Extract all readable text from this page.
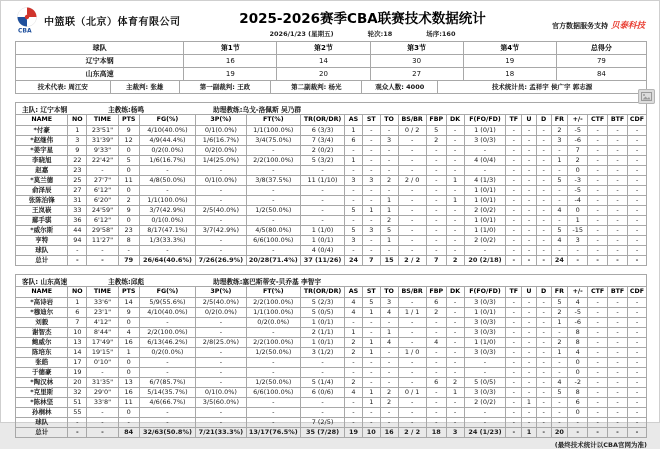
CBA
中篮联（北京）体育有限公司	2025-2026赛季CBA联赛技术数据统计
2026/1/23 (星期五)	轮次:18	场序:160
官方数据服务支持 贝泰科技
球队	第1节	第2节	第3节	第4节	总得分
辽宁本钢	16	14	30	19	79
山东高速	19	20	27	18	84
技术代表: 周江安	主裁判: 张雄	第一副裁判: 王政	第二副裁判: 杨光	观众人数: 4000	技术统计员: 孟祥宇 侯广宇 郭志源
主队: 辽宁本钢	主教练:杨鸣	助理教练:乌戈-洛佩斯 吴乃群
NAME	NO	TIME	PTS	FG(%)	3P(%)	FT(%)	TR(OR/DR)	AS	ST	TO	BS/BR	FBP	DK	F(FO/FD)	TF	U	D	FR	+/-	CTF	BTF	CDF
*付豪	1	23'51"	9	4/10(40.0%)	0/1(0.0%)	1/1(100.0%)	6 (3/3)	1	-	-	0 / 2	5	-	1 (0/1)	-	-	-	2	-5	-	-	-
*赵继伟	3	31'39"	12	4/9(44.4%)	1/6(16.7%)	3/4(75.0%)	7 (3/4)	6	-	3	-	2	-	3 (0/3)	-	-	-	3	-6	-	-	-
*姜宇星	9	9'33"	0	0/2(0.0%)	0/2(0.0%)	-	2 (0/2)	-	-	-	-	-	-	-	-	-	-	-	7	-	-	-
李晓旭	22	22'42"	5	1/6(16.7%)	1/4(25.0%)	2/2(100.0%)	5 (3/2)	1	-	-	-	-	-	4 (0/4)	-	-	-	1	2	-	-	-
赵嘉	23	-	0	-	-	-	-	-	-	-	-	-	-	-	-	-	-	-	0	-	-	-
*莫兰德	25	27'7"	11	4/8(50.0%)	0/1(0.0%)	3/8(37.5%)	11 (1/10)	3	3	2	2 / 0	-	1	4 (1/3)	-	-	-	5	-3	-	-	-
俞泽辰	27	6'12"	0	-	-	-	-	-	-	-	-	-	-	1 (0/1)	-	-	-	-	-5	-	-	-
张陈治锋	31	6'20"	2	1/1(100.0%)	-	-	-	-	-	1	-	-	1	1 (0/1)	-	-	-	-	-4	-	-	-
王岚嵚	33	24'59"	9	3/7(42.9%)	2/5(40.0%)	1/2(50.0%)	-	5	1	1	-	-	-	2 (0/2)	-	-	-	4	0	-	-	-
鄢手骐	36	6'12"	0	0/1(0.0%)	-	-	-	-	-	2	-	-	-	1 (0/1)	-	-	-	-	1	-	-	-
*威尔斯	44	29'58"	23	8/17(47.1%)	3/7(42.9%)	4/5(80.0%)	1 (1/0)	5	3	5	-	-	-	1 (1/0)	-	-	-	5	-15	-	-	-
亨特	94	11'27"	8	1/3(33.3%)	-	6/6(100.0%)	1 (0/1)	3	-	1	-	-	-	2 (0/2)	-	-	-	4	3	-	-	-
球队	-	-	-	-	-	-	4 (0/4)	-	-	-	-	-	-	-	-	-	-	-	-	-	-	-
总计	-	-	79	26/64(40.6%)	7/26(26.9%)	20/28(71.4%)	37 (11/26)	24	7	15	2 / 2	7	2	20 (2/18)	-	-	-	24	-	-	-	-
客队: 山东高速	主教练:邱彪	助理教练:塞巴斯蒂安-贝乔基 李智宇
NAME	NO	TIME	PTS	FG(%)	3P(%)	FT(%)	TR(OR/DR)	AS	ST	TO	BS/BR	FBP	DK	F(FO/FD)	TF	U	D	FR	+/-	CTF	BTF	CDF
*高诗岩	1	33'6"	14	5/9(55.6%)	2/5(40.0%)	2/2(100.0%)	5 (2/3)	4	5	3	-	6	-	3 (0/3)	-	-	-	5	4	-	-	-
*穆迪尔	6	23'1"	9	4/10(40.0%)	0/2(0.0%)	1/1(100.0%)	5 (0/5)	4	1	4	1 / 1	2	-	1 (0/1)	-	-	-	2	-5	-	-	-
刘毅	7	4'12"	0	-	-	0/2(0.0%)	1 (0/1)	-	-	-	-	-	-	3 (0/3)	-	-	-	1	-6	-	-	-
谢智杰	10	8'44"	4	2/2(100.0%)	-	-	2 (1/1)	1	-	1	-	-	-	3 (0/3)	-	-	-	-	8	-	-	-
鲍威尔	13	17'49"	16	6/13(46.2%)	2/8(25.0%)	2/2(100.0%)	1 (0/1)	2	1	4	-	4	-	1 (1/0)	-	-	-	2	8	-	-	-
陈培东	14	19'15"	1	0/2(0.0%)	-	1/2(50.0%)	3 (1/2)	2	1	-	1 / 0	-	-	3 (0/3)	-	-	-	1	4	-	-	-
张皓	17	0'10"	0	-	-	-	-	-	-	-	-	-	-	-	-	-	-	-	0	-	-	-
于德豪	19	-	0	-	-	-	-	-	-	-	-	-	-	-	-	-	-	-	0	-	-	-
*陶汉林	20	31'35"	13	6/7(85.7%)	-	1/2(50.0%)	5 (1/4)	2	-	-	-	6	2	5 (0/5)	-	-	-	4	-2	-	-	-
*克里斯	32	29'0"	16	5/14(35.7%)	0/1(0.0%)	6/6(100.0%)	6 (0/6)	4	1	2	0 / 1	-	1	3 (0/3)	-	-	-	5	8	-	-	-
*陈林坚	51	33'8"	11	4/6(66.7%)	3/5(60.0%)	-	-	-	1	2	-	-	-	2 (0/2)	-	1	-	-	6	-	-	-
孙桐林	55	-	0	-	-	-	-	-	-	-	-	-	-	-	-	-	-	-	0	-	-	-
球队	-	-	-	-	-	-	7 (2/5)	-	-	-	-	-	-	-	-	-	-	-	-	-	-	-
总计	-	-	84	32/63(50.8%)	7/21(33.3%)	13/17(76.5%)	35 (7/28)	19	10	16	2 / 2	18	3	24 (1/23)	-	1	-	20	-	-	-	-
(最终技术统计以CBA官网为准)
